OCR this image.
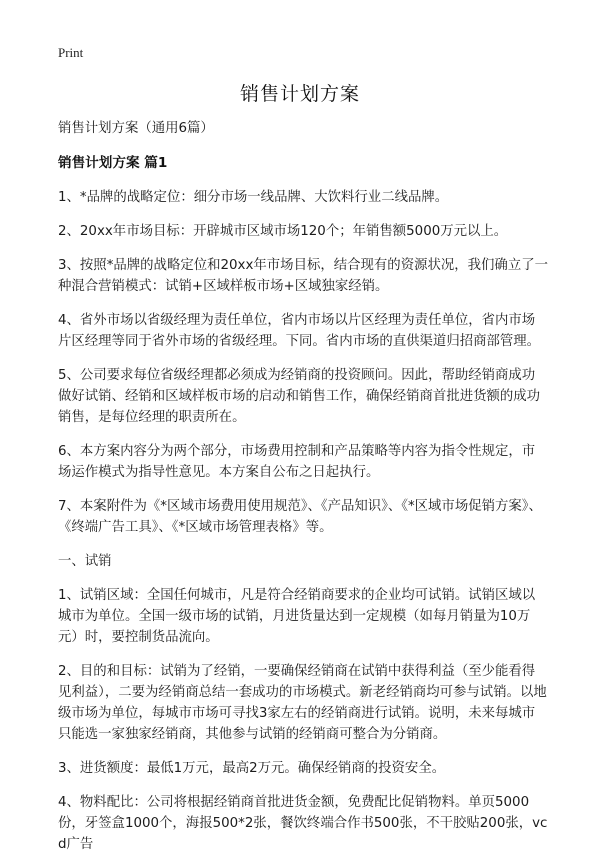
Print
销售计划方案

销售计划方案（通用6篇）

销售计划方案 篇1

1、*品牌的战略定位：细分市场一线品牌、大饮料行业二线品牌。

2、20xx年市场目标：开辟城市区域市场120个；年销售额5000万元以上。

3、按照*品牌的战略定位和20xx年市场目标，结合现有的资源状况，我们确立了一种混合营销模式：试销+区域样板市场+区域独家经销。

4、省外市场以省级经理为责任单位，省内市场以片区经理为责任单位，省内市场片区经理等同于省外市场的省级经理。下同。省内市场的直供渠道归招商部管理。

5、公司要求每位省级经理都必须成为经销商的投资顾问。因此，帮助经销商成功做好试销、经销和区域样板市场的启动和销售工作，确保经销商首批进货额的成功销售，是每位经理的职责所在。

6、本方案内容分为两个部分，市场费用控制和产品策略等内容为指令性规定，市场运作模式为指导性意见。本方案自公布之日起执行。

7、本案附件为《*区域市场费用使用规范》、《产品知识》、《*区域市场促销方案》、《终端广告工具》、《*区域市场管理表格》等。

一、试销

1、试销区域：全国任何城市，凡是符合经销商要求的企业均可试销。试销区域以城市为单位。全国一级市场的试销，月进货量达到一定规模（如每月销量为10万元）时，要控制货品流向。

2、目的和目标：试销为了经销，一要确保经销商在试销中获得利益（至少能看得见利益），二要为经销商总结一套成功的市场模式。新老经销商均可参与试销。以地级市场为单位，每城市市场可寻找3家左右的经销商进行试销。说明，未来每城市只能选一家独家经销商，其他参与试销的经销商可整合为分销商。

3、进货额度：最低1万元，最高2万元。确保经销商的投资安全。

4、物料配比：公司将根据经销商首批进货金额，免费配比促销物料。单页5000份，牙签盒1000个，海报500*2张，餐饮终端合作书500张，不干胶贴200张，vcd广告
